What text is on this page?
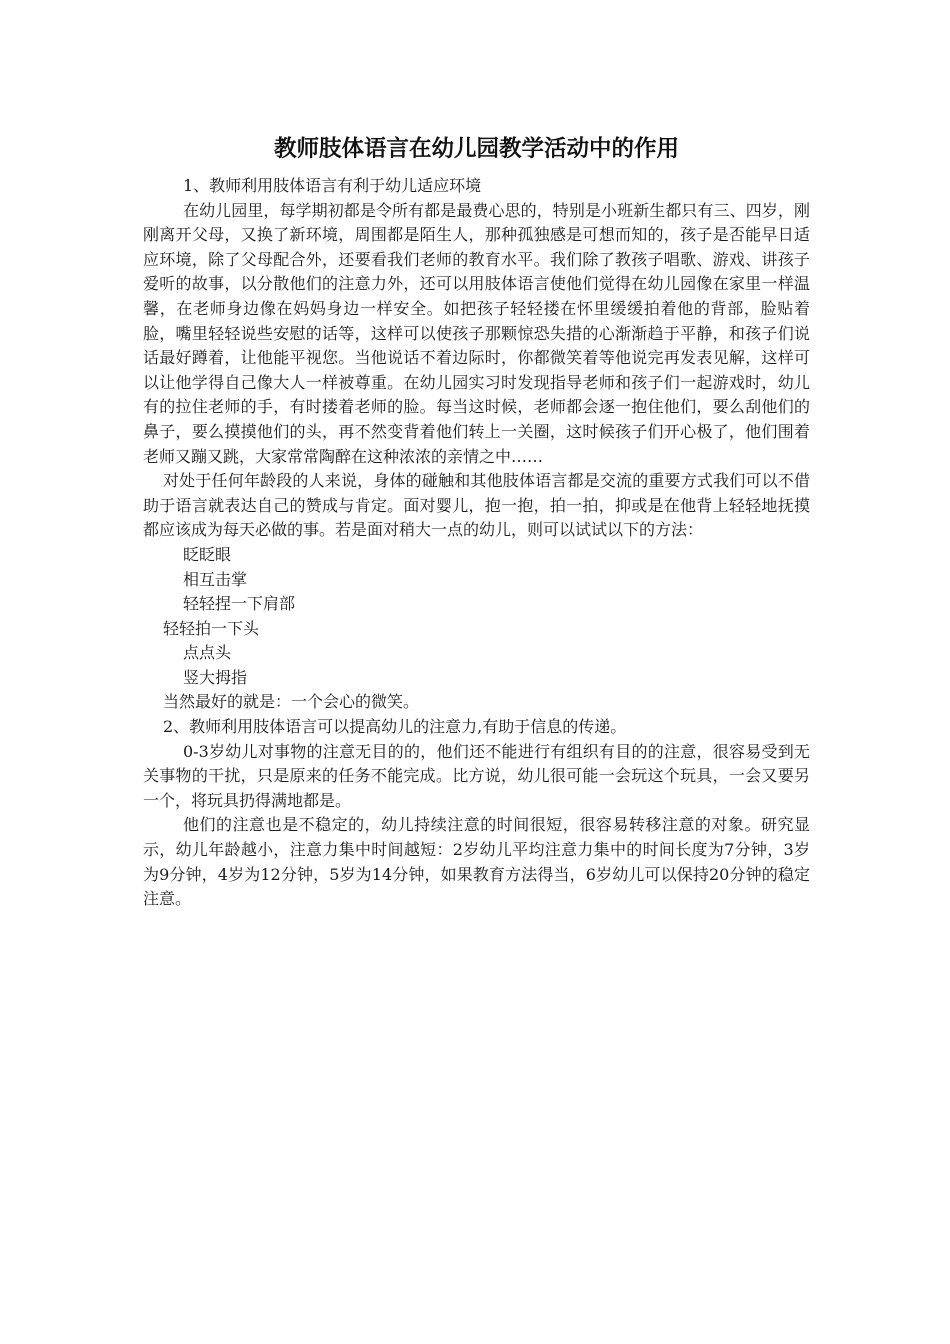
教师肢体语言在幼儿园教学活动中的作用

1、教师利用肢体语言有利于幼儿适应环境

在幼儿园里，每学期初都是令所有都是最费心思的，特别是小班新生都只有三、四岁，刚刚离开父母，又换了新环境，周围都是陌生人，那种孤独感是可想而知的，孩子是否能早日适应环境，除了父母配合外，还要看我们老师的教育水平。我们除了教孩子唱歌、游戏、讲孩子爱听的故事，以分散他们的注意力外，还可以用肢体语言使他们觉得在幼儿园像在家里一样温馨，在老师身边像在妈妈身边一样安全。如把孩子轻轻搂在怀里缓缓拍着他的背部，脸贴着脸，嘴里轻轻说些安慰的话等，这样可以使孩子那颗惊恐失措的心渐渐趋于平静，和孩子们说话最好蹲着，让他能平视您。当他说话不着边际时，你都微笑着等他说完再发表见解，这样可以让他学得自己像大人一样被尊重。在幼儿园实习时发现指导老师和孩子们一起游戏时，幼儿有的拉住老师的手，有时搂着老师的脸。每当这时候，老师都会逐一抱住他们，要么刮他们的鼻子，要么摸摸他们的头，再不然变背着他们转上一关圈，这时候孩子们开心极了，他们围着老师又蹦又跳，大家常常陶醉在这种浓浓的亲情之中……

对处于任何年龄段的人来说，身体的碰触和其他肢体语言都是交流的重要方式我们可以不借助于语言就表达自己的赞成与肯定。面对婴儿，抱一抱，拍一拍，抑或是在他背上轻轻地抚摸都应该成为每天必做的事。若是面对稍大一点的幼儿，则可以试试以下的方法：

眨眨眼

相互击掌

轻轻捏一下肩部

轻轻拍一下头

点点头

竖大拇指

当然最好的就是：一个会心的微笑。

2、教师利用肢体语言可以提高幼儿的注意力,有助于信息的传递。

0-3岁幼儿对事物的注意无目的的，他们还不能进行有组织有目的的注意，很容易受到无关事物的干扰，只是原来的任务不能完成。比方说，幼儿很可能一会玩这个玩具，一会又要另一个，将玩具扔得满地都是。

他们的注意也是不稳定的，幼儿持续注意的时间很短，很容易转移注意的对象。研究显示，幼儿年龄越小，注意力集中时间越短：2岁幼儿平均注意力集中的时间长度为7分钟，3岁为9分钟，4岁为12分钟，5岁为14分钟，如果教育方法得当，6岁幼儿可以保持20分钟的稳定注意。
